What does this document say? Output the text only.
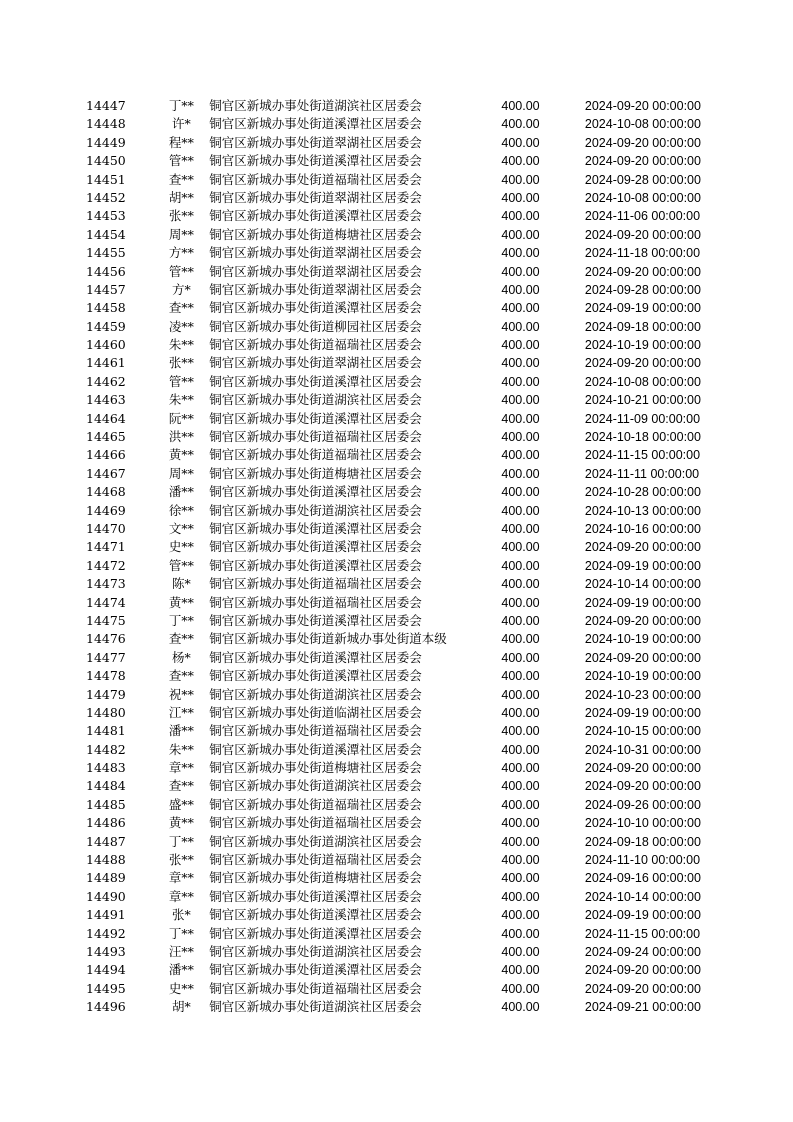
14447	丁**	铜官区新城办事处街道湖滨社区居委会	400.00	2024-09-20 00:00:00
14448	许*	铜官区新城办事处街道溪潭社区居委会	400.00	2024-10-08 00:00:00
14449	程**	铜官区新城办事处街道翠湖社区居委会	400.00	2024-09-20 00:00:00
14450	管**	铜官区新城办事处街道溪潭社区居委会	400.00	2024-09-20 00:00:00
14451	查**	铜官区新城办事处街道福瑞社区居委会	400.00	2024-09-28 00:00:00
14452	胡**	铜官区新城办事处街道翠湖社区居委会	400.00	2024-10-08 00:00:00
14453	张**	铜官区新城办事处街道溪潭社区居委会	400.00	2024-11-06 00:00:00
14454	周**	铜官区新城办事处街道梅塘社区居委会	400.00	2024-09-20 00:00:00
14455	方**	铜官区新城办事处街道翠湖社区居委会	400.00	2024-11-18 00:00:00
14456	管**	铜官区新城办事处街道翠湖社区居委会	400.00	2024-09-20 00:00:00
14457	方*	铜官区新城办事处街道翠湖社区居委会	400.00	2024-09-28 00:00:00
14458	查**	铜官区新城办事处街道溪潭社区居委会	400.00	2024-09-19 00:00:00
14459	凌**	铜官区新城办事处街道柳园社区居委会	400.00	2024-09-18 00:00:00
14460	朱**	铜官区新城办事处街道福瑞社区居委会	400.00	2024-10-19 00:00:00
14461	张**	铜官区新城办事处街道翠湖社区居委会	400.00	2024-09-20 00:00:00
14462	管**	铜官区新城办事处街道溪潭社区居委会	400.00	2024-10-08 00:00:00
14463	朱**	铜官区新城办事处街道湖滨社区居委会	400.00	2024-10-21 00:00:00
14464	阮**	铜官区新城办事处街道溪潭社区居委会	400.00	2024-11-09 00:00:00
14465	洪**	铜官区新城办事处街道福瑞社区居委会	400.00	2024-10-18 00:00:00
14466	黄**	铜官区新城办事处街道福瑞社区居委会	400.00	2024-11-15 00:00:00
14467	周**	铜官区新城办事处街道梅塘社区居委会	400.00	2024-11-11 00:00:00
14468	潘**	铜官区新城办事处街道溪潭社区居委会	400.00	2024-10-28 00:00:00
14469	徐**	铜官区新城办事处街道湖滨社区居委会	400.00	2024-10-13 00:00:00
14470	文**	铜官区新城办事处街道溪潭社区居委会	400.00	2024-10-16 00:00:00
14471	史**	铜官区新城办事处街道溪潭社区居委会	400.00	2024-09-20 00:00:00
14472	管**	铜官区新城办事处街道溪潭社区居委会	400.00	2024-09-19 00:00:00
14473	陈*	铜官区新城办事处街道福瑞社区居委会	400.00	2024-10-14 00:00:00
14474	黄**	铜官区新城办事处街道福瑞社区居委会	400.00	2024-09-19 00:00:00
14475	丁**	铜官区新城办事处街道溪潭社区居委会	400.00	2024-09-20 00:00:00
14476	查**	铜官区新城办事处街道新城办事处街道本级	400.00	2024-10-19 00:00:00
14477	杨*	铜官区新城办事处街道溪潭社区居委会	400.00	2024-09-20 00:00:00
14478	查**	铜官区新城办事处街道溪潭社区居委会	400.00	2024-10-19 00:00:00
14479	祝**	铜官区新城办事处街道湖滨社区居委会	400.00	2024-10-23 00:00:00
14480	江**	铜官区新城办事处街道临湖社区居委会	400.00	2024-09-19 00:00:00
14481	潘**	铜官区新城办事处街道福瑞社区居委会	400.00	2024-10-15 00:00:00
14482	朱**	铜官区新城办事处街道溪潭社区居委会	400.00	2024-10-31 00:00:00
14483	章**	铜官区新城办事处街道梅塘社区居委会	400.00	2024-09-20 00:00:00
14484	查**	铜官区新城办事处街道湖滨社区居委会	400.00	2024-09-20 00:00:00
14485	盛**	铜官区新城办事处街道福瑞社区居委会	400.00	2024-09-26 00:00:00
14486	黄**	铜官区新城办事处街道福瑞社区居委会	400.00	2024-10-10 00:00:00
14487	丁**	铜官区新城办事处街道湖滨社区居委会	400.00	2024-09-18 00:00:00
14488	张**	铜官区新城办事处街道福瑞社区居委会	400.00	2024-11-10 00:00:00
14489	章**	铜官区新城办事处街道梅塘社区居委会	400.00	2024-09-16 00:00:00
14490	章**	铜官区新城办事处街道溪潭社区居委会	400.00	2024-10-14 00:00:00
14491	张*	铜官区新城办事处街道溪潭社区居委会	400.00	2024-09-19 00:00:00
14492	丁**	铜官区新城办事处街道溪潭社区居委会	400.00	2024-11-15 00:00:00
14493	汪**	铜官区新城办事处街道湖滨社区居委会	400.00	2024-09-24 00:00:00
14494	潘**	铜官区新城办事处街道溪潭社区居委会	400.00	2024-09-20 00:00:00
14495	史**	铜官区新城办事处街道福瑞社区居委会	400.00	2024-09-20 00:00:00
14496	胡*	铜官区新城办事处街道湖滨社区居委会	400.00	2024-09-21 00:00:00
